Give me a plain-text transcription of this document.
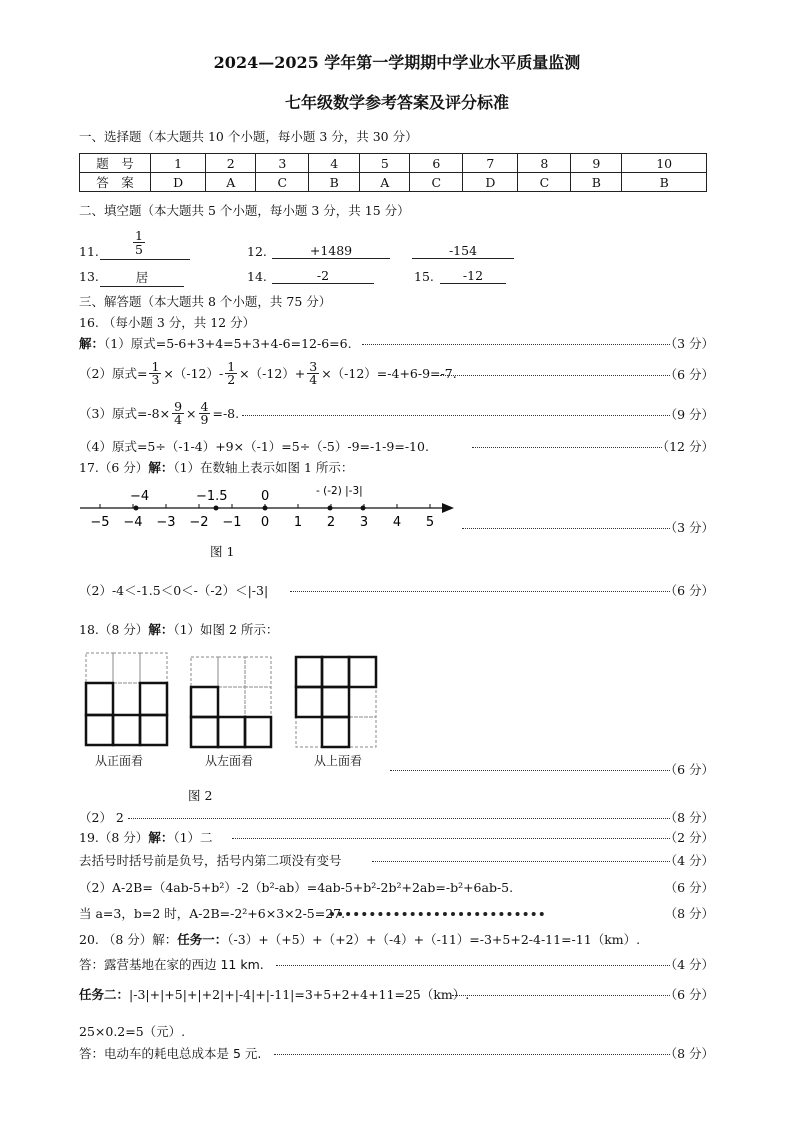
2024—2025 学年第一学期期中学业水平质量监测
七年级数学参考答案及评分标准
一、选择题（本大题共 10 个小题，每小题 3 分，共 30 分）
题　号	1	2	3	4	5	6	7	8	9	10
答　案	D	A	C	B	A	C	D	C	B	B
二、填空题（本大题共 5 个小题，每小题 3 分，共 15 分）
11.	$\frac{1}{5}$	12.	+1489	-154
13.	居	14.	-2	15.	-12
三、解答题（本大题共 8 个小题，共 75 分）
16. （每小题 3 分，共 12 分）
解：（1）原式=5-6+3+4=5+3+4-6=12-6=6.	（3 分）
（2）原式= $\frac{1}{3} \times(-12)- \frac{1}{2} \times(-12)+ \frac{3}{4} \times(-12)=-4+6-9=-7$.	（6 分）
（3）原式$=-8\times \frac{9}{4} \times \frac{4}{9} =-8$.	（9 分）
（4）原式=5÷（-1-4）+9×（-1）=5÷（-5）-9=-1-9=-10.	（12 分）
17.（6 分）解：（1）在数轴上表示如图 1 所示：
−5 −4 −3 −2 −1 0 1 2 3 4 5
−4	−1.5	0	- (-2) |-3|
（3 分）
图 1
（2）-4＜-1.5＜0＜-（-2）＜|-3|	（6 分）
18.（8 分）解：（1）如图 2 所示：
从正面看	从左面看	从上面看
（6 分）
图 2
（2） 2	（8 分）
19.（8 分）解：（1）二	（2 分）
去括号时括号前是负号，括号内第二项没有变号	（4 分）
（2）A-2B=（4ab-5+b²）-2（b²-ab）=4ab-5+b²-2b²+2ab=-b²+6ab-5.	（6 分）
当 a=3，b=2 时，A-2B=-2²+6×3×2-5=27.	（8 分）
20. （8 分）解：任务一：（-3）+（+5）+（+2）+（-4）+（-11）=-3+5+2-4-11=-11（km）.
答：露营基地在家的西边 11 km.	（4 分）
任务二：|-3|+|+5|+|+2|+|-4|+|-11|=3+5+2+4+11=25（km）.	（6 分）
25×0.2=5（元）.
答：电动车的耗电总成本是 5 元.	（8 分）
